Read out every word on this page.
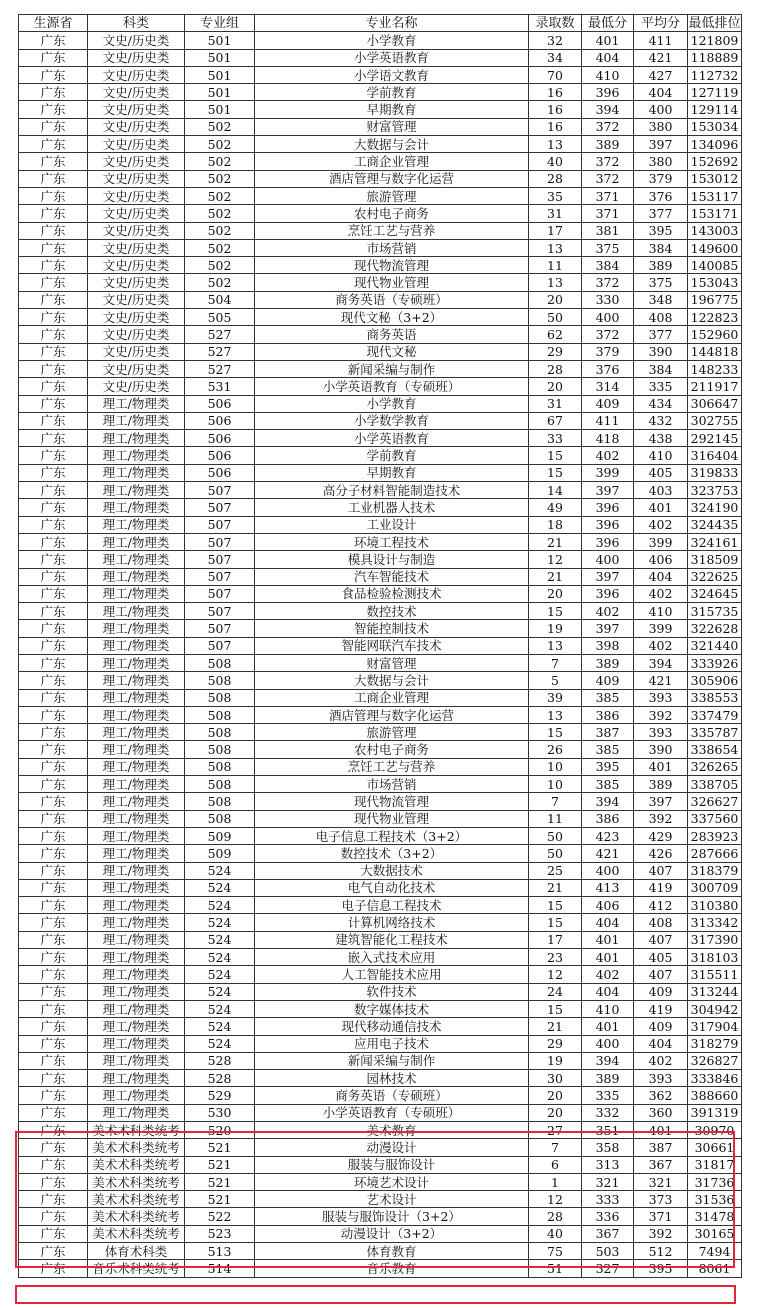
生源省	科类	专业组	专业名称	录取数	最低分	平均分	最低排位
广东	文史/历史类	501	小学教育	32	401	411	121809
广东	文史/历史类	501	小学英语教育	34	404	421	118889
广东	文史/历史类	501	小学语文教育	70	410	427	112732
广东	文史/历史类	501	学前教育	16	396	404	127119
广东	文史/历史类	501	早期教育	16	394	400	129114
广东	文史/历史类	502	财富管理	16	372	380	153034
广东	文史/历史类	502	大数据与会计	13	389	397	134096
广东	文史/历史类	502	工商企业管理	40	372	380	152692
广东	文史/历史类	502	酒店管理与数字化运营	28	372	379	153012
广东	文史/历史类	502	旅游管理	35	371	376	153117
广东	文史/历史类	502	农村电子商务	31	371	377	153171
广东	文史/历史类	502	烹饪工艺与营养	17	381	395	143003
广东	文史/历史类	502	市场营销	13	375	384	149600
广东	文史/历史类	502	现代物流管理	11	384	389	140085
广东	文史/历史类	502	现代物业管理	13	372	375	153043
广东	文史/历史类	504	商务英语（专硕班）	20	330	348	196775
广东	文史/历史类	505	现代文秘（3+2）	50	400	408	122823
广东	文史/历史类	527	商务英语	62	372	377	152960
广东	文史/历史类	527	现代文秘	29	379	390	144818
广东	文史/历史类	527	新闻采编与制作	28	376	384	148233
广东	文史/历史类	531	小学英语教育（专硕班）	20	314	335	211917
广东	理工/物理类	506	小学教育	31	409	434	306647
广东	理工/物理类	506	小学数学教育	67	411	432	302755
广东	理工/物理类	506	小学英语教育	33	418	438	292145
广东	理工/物理类	506	学前教育	15	402	410	316404
广东	理工/物理类	506	早期教育	15	399	405	319833
广东	理工/物理类	507	高分子材料智能制造技术	14	397	403	323753
广东	理工/物理类	507	工业机器人技术	49	396	401	324190
广东	理工/物理类	507	工业设计	18	396	402	324435
广东	理工/物理类	507	环境工程技术	21	396	399	324161
广东	理工/物理类	507	模具设计与制造	12	400	406	318509
广东	理工/物理类	507	汽车智能技术	21	397	404	322625
广东	理工/物理类	507	食品检验检测技术	20	396	402	324645
广东	理工/物理类	507	数控技术	15	402	410	315735
广东	理工/物理类	507	智能控制技术	19	397	399	322628
广东	理工/物理类	507	智能网联汽车技术	13	398	402	321440
广东	理工/物理类	508	财富管理	7	389	394	333926
广东	理工/物理类	508	大数据与会计	5	409	421	305906
广东	理工/物理类	508	工商企业管理	39	385	393	338553
广东	理工/物理类	508	酒店管理与数字化运营	13	386	392	337479
广东	理工/物理类	508	旅游管理	15	387	393	335787
广东	理工/物理类	508	农村电子商务	26	385	390	338654
广东	理工/物理类	508	烹饪工艺与营养	10	395	401	326265
广东	理工/物理类	508	市场营销	10	385	389	338705
广东	理工/物理类	508	现代物流管理	7	394	397	326627
广东	理工/物理类	508	现代物业管理	11	386	392	337560
广东	理工/物理类	509	电子信息工程技术（3+2）	50	423	429	283923
广东	理工/物理类	509	数控技术（3+2）	50	421	426	287666
广东	理工/物理类	524	大数据技术	25	400	407	318379
广东	理工/物理类	524	电气自动化技术	21	413	419	300709
广东	理工/物理类	524	电子信息工程技术	15	406	412	310380
广东	理工/物理类	524	计算机网络技术	15	404	408	313342
广东	理工/物理类	524	建筑智能化工程技术	17	401	407	317390
广东	理工/物理类	524	嵌入式技术应用	23	401	405	318103
广东	理工/物理类	524	人工智能技术应用	12	402	407	315511
广东	理工/物理类	524	软件技术	24	404	409	313244
广东	理工/物理类	524	数字媒体技术	15	410	419	304942
广东	理工/物理类	524	现代移动通信技术	21	401	409	317904
广东	理工/物理类	524	应用电子技术	29	400	404	318279
广东	理工/物理类	528	新闻采编与制作	19	394	402	326827
广东	理工/物理类	528	园林技术	30	389	393	333846
广东	理工/物理类	529	商务英语（专硕班）	20	335	362	388660
广东	理工/物理类	530	小学英语教育（专硕班）	20	332	360	391319
广东	美术术科类统考	520	美术教育	27	351	401	30970
广东	美术术科类统考	521	动漫设计	7	358	387	30661
广东	美术术科类统考	521	服装与服饰设计	6	313	367	31817
广东	美术术科类统考	521	环境艺术设计	1	321	321	31736
广东	美术术科类统考	521	艺术设计	12	333	373	31536
广东	美术术科类统考	522	服装与服饰设计（3+2）	28	336	371	31478
广东	美术术科类统考	523	动漫设计（3+2）	40	367	392	30165
广东	体育术科类	513	体育教育	75	503	512	7494
广东	音乐术科类统考	514	音乐教育	51	327	395	8061
